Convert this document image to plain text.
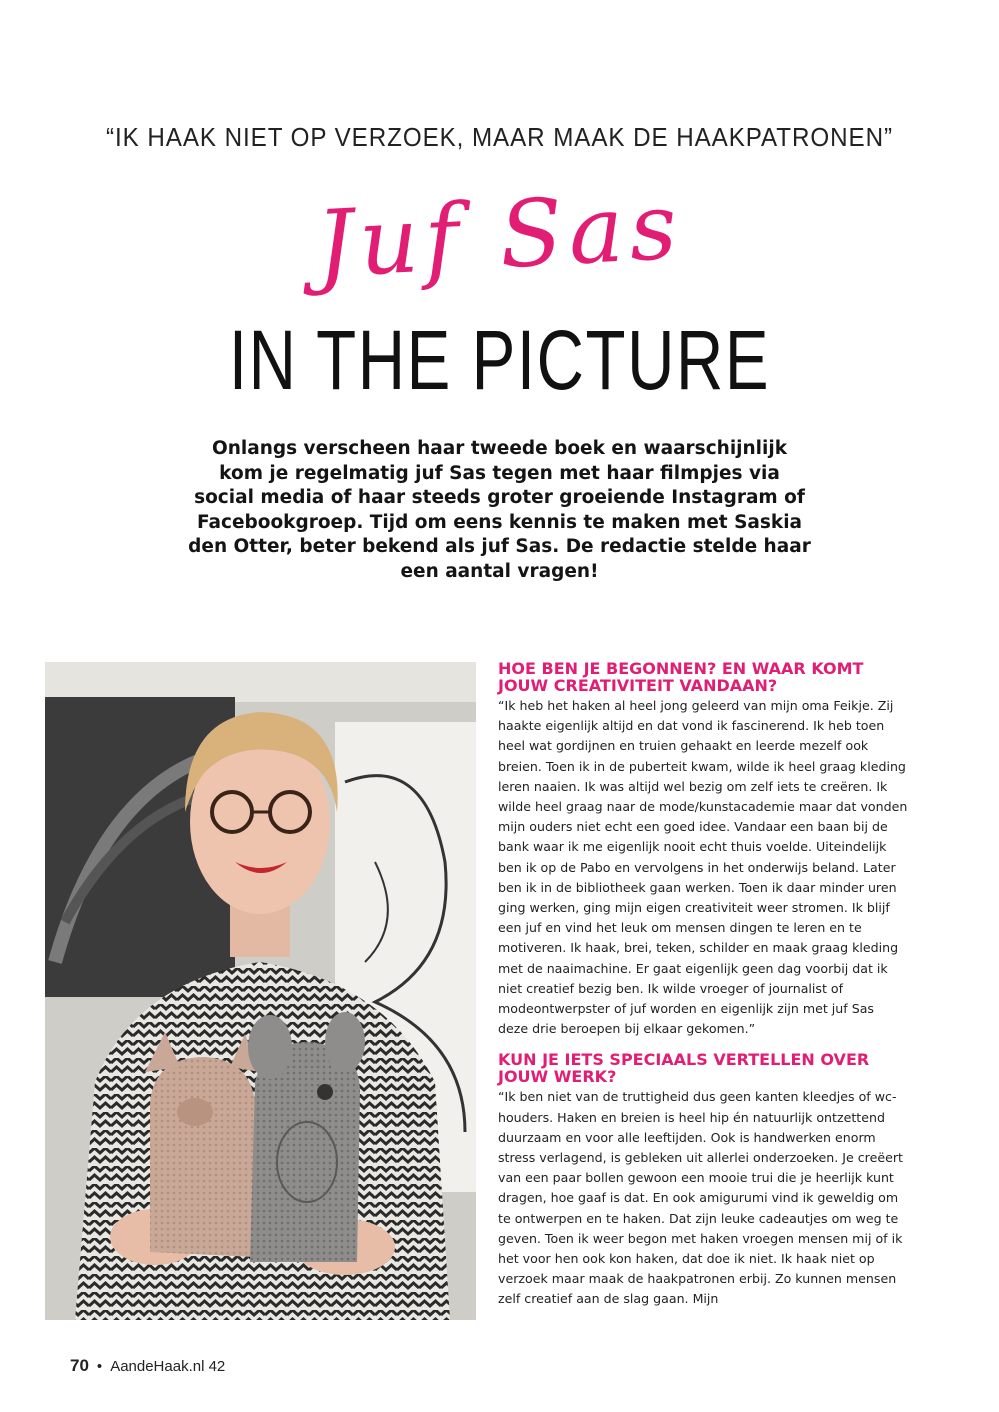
“IK HAAK NIET OP VERZOEK, MAAR MAAK DE HAAKPATRONEN”
Juf Sas
IN THE PICTURE
Onlangs verscheen haar tweede boek en waarschijnlijk kom je regelmatig juf Sas tegen met haar filmpjes via social media of haar steeds groter groeiende Instagram of Facebookgroep. Tijd om eens kennis te maken met Saskia den Otter, beter bekend als juf Sas. De redactie stelde haar een aantal vragen!
HOE BEN JE BEGONNEN? EN WAAR KOMT JOUW CREATIVITEIT VANDAAN?
“Ik heb het haken al heel jong geleerd van mijn oma Feikje. Zij haakte eigenlijk altijd en dat vond ik fascinerend. Ik heb toen heel wat gordijnen en truien gehaakt en leerde mezelf ook breien. Toen ik in de puberteit kwam, wilde ik heel graag kleding leren naaien. Ik was altijd wel bezig om zelf iets te creëren. Ik wilde heel graag naar de mode/kunstacademie maar dat vonden mijn ouders niet echt een goed idee. Vandaar een baan bij de bank waar ik me eigenlijk nooit echt thuis voelde. Uiteindelijk ben ik op de Pabo en vervolgens in het onderwijs beland. Later ben ik in de bibliotheek gaan werken. Toen ik daar minder uren ging werken, ging mijn eigen creativiteit weer stromen. Ik blijf een juf en vind het leuk om mensen dingen te leren en te motiveren. Ik haak, brei, teken, schilder en maak graag kleding met de naaimachine. Er gaat eigenlijk geen dag voorbij dat ik niet creatief bezig ben. Ik wilde vroeger of journalist of modeontwerpster of juf worden en eigenlijk zijn met juf Sas deze drie beroepen bij elkaar gekomen.”
KUN JE IETS SPECIAALS VERTELLEN OVER JOUW WERK?
“Ik ben niet van de truttigheid dus geen kanten kleedjes of wc-houders. Haken en breien is heel hip én natuurlijk ontzettend duurzaam en voor alle leeftijden. Ook is handwerken enorm stress verlagend, is gebleken uit allerlei onderzoeken. Je creëert van een paar bollen gewoon een mooie trui die je heerlijk kunt dragen, hoe gaaf is dat. En ook amigurumi vind ik geweldig om te ontwerpen en te haken. Dat zijn leuke cadeautjes om weg te geven. Toen ik weer begon met haken vroegen mensen mij of ik het voor hen ook kon haken, dat doe ik niet. Ik haak niet op verzoek maar maak de haakpatronen erbij. Zo kunnen mensen zelf creatief aan de slag gaan. Mijn
70 • AandeHaak.nl 42
